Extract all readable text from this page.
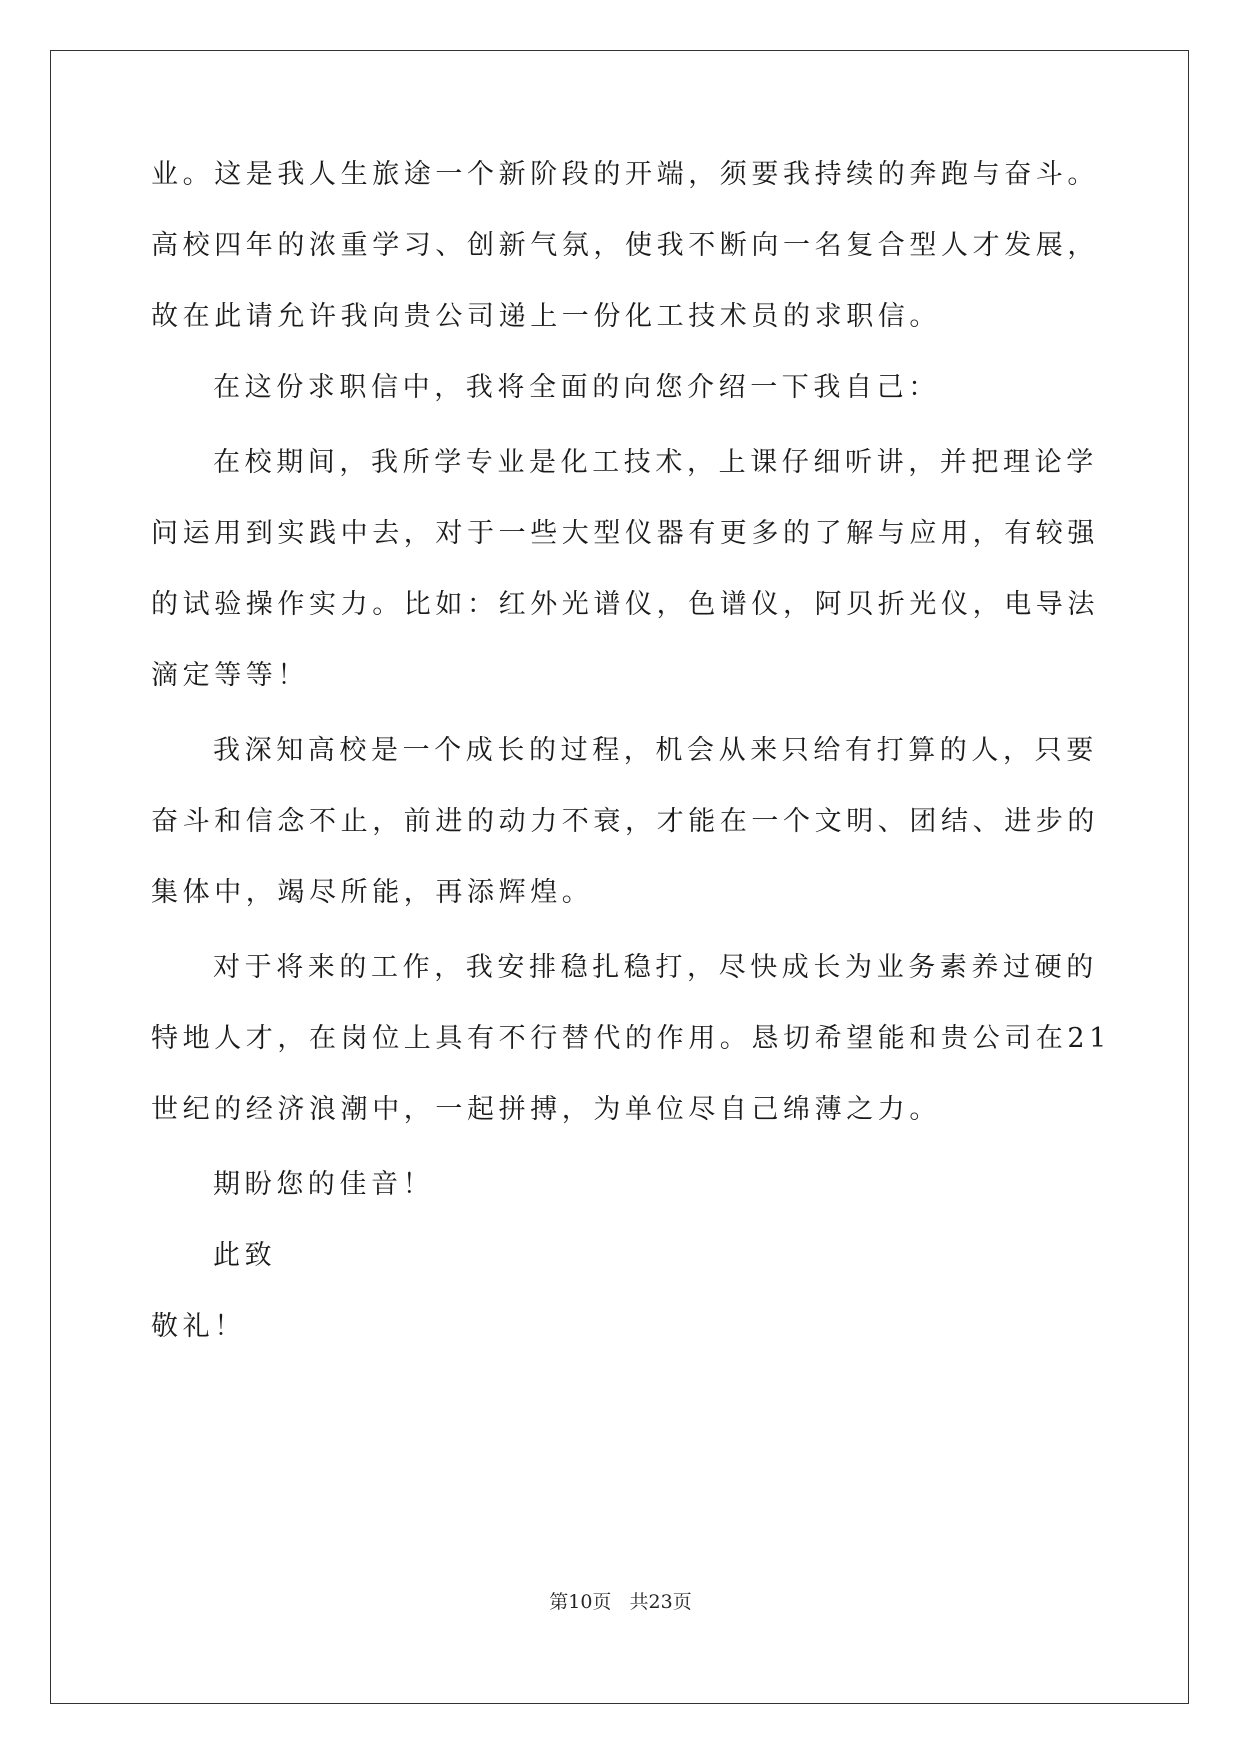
业。这是我人生旅途一个新阶段的开端，须要我持续的奔跑与奋斗。
高校四年的浓重学习、创新气氛，使我不断向一名复合型人才发展，
故在此请允许我向贵公司递上一份化工技术员的求职信。
在这份求职信中，我将全面的向您介绍一下我自己：
在校期间，我所学专业是化工技术，上课仔细听讲，并把理论学
问运用到实践中去，对于一些大型仪器有更多的了解与应用，有较强
的试验操作实力。比如：红外光谱仪，色谱仪，阿贝折光仪，电导法
滴定等等！
我深知高校是一个成长的过程，机会从来只给有打算的人，只要
奋斗和信念不止，前进的动力不衰，才能在一个文明、团结、进步的
集体中，竭尽所能，再添辉煌。
对于将来的工作，我安排稳扎稳打，尽快成长为业务素养过硬的
特地人才，在岗位上具有不行替代的作用。恳切希望能和贵公司在21
世纪的经济浪潮中，一起拼搏，为单位尽自己绵薄之力。
期盼您的佳音！
此致
敬礼！
第10页   共23页
